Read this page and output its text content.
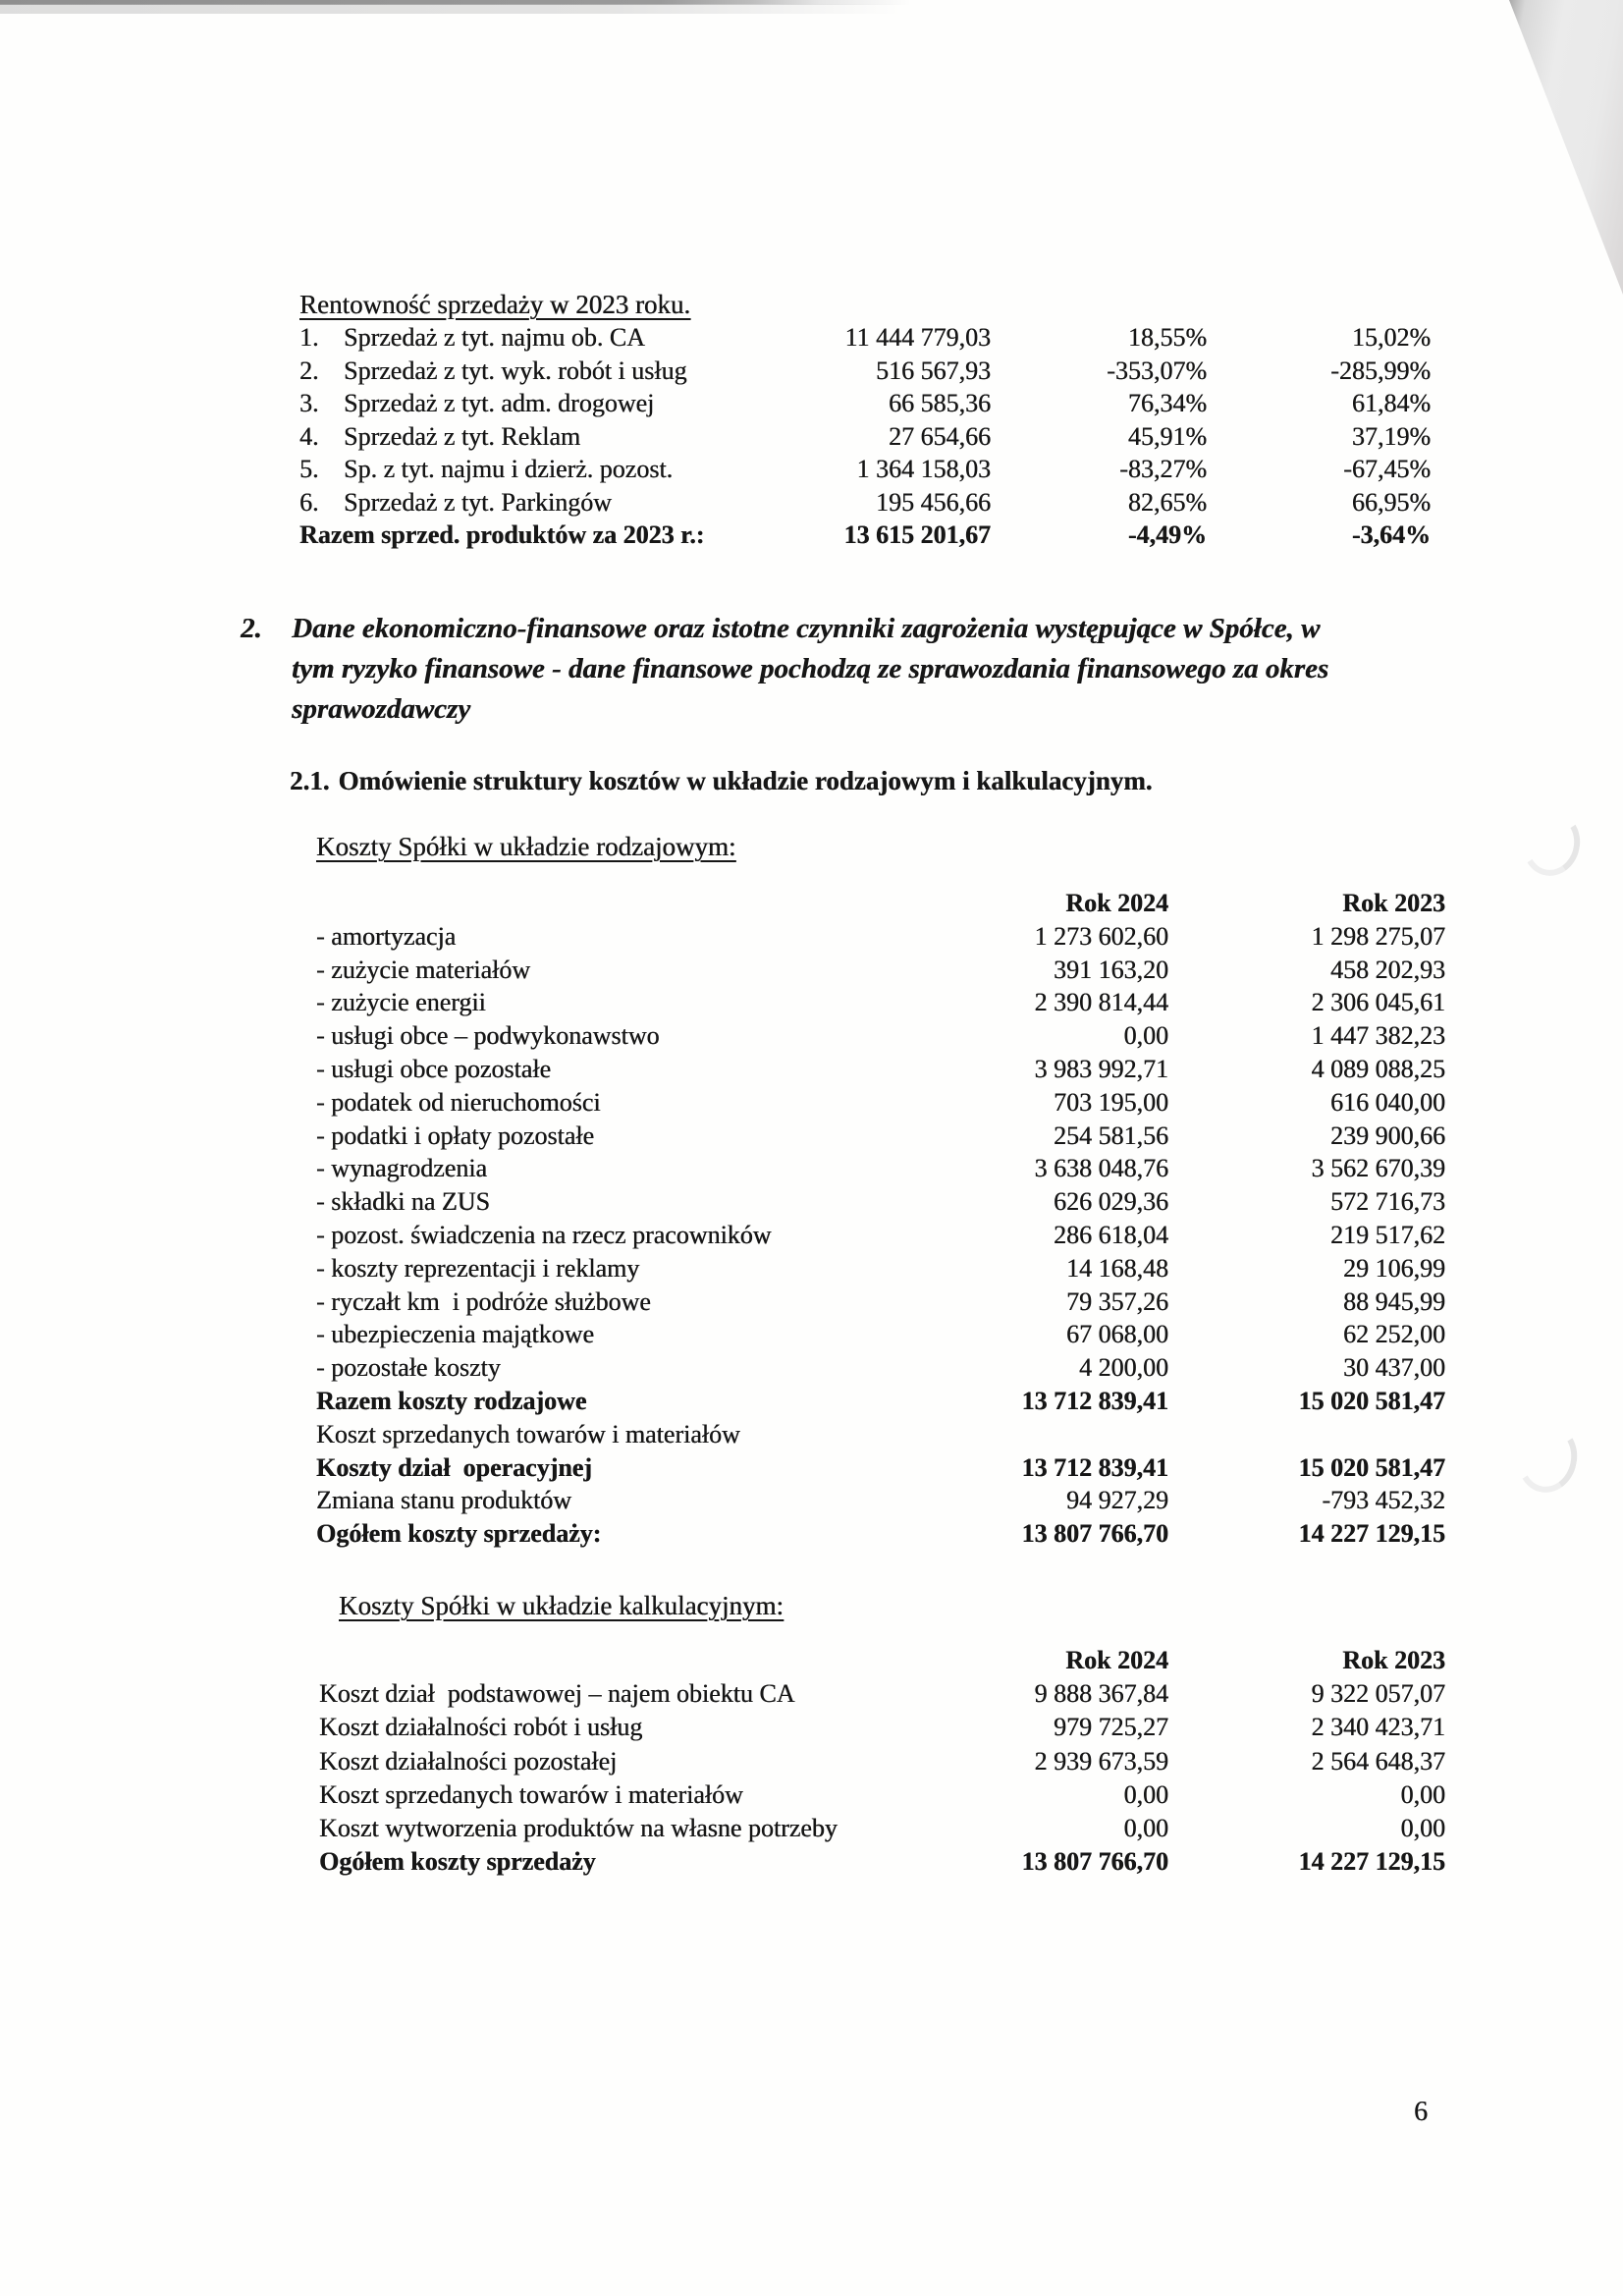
Rentowność sprzedaży w 2023 roku.
1. Sprzedaż z tyt. najmu ob. CA	11 444 779,03	18,55%	15,02%
2. Sprzedaż z tyt. wyk. robót i usług	516 567,93	-353,07%	-285,99%
3. Sprzedaż z tyt. adm. drogowej	66 585,36	76,34%	61,84%
4. Sprzedaż z tyt. Reklam	27 654,66	45,91%	37,19%
5. Sp. z tyt. najmu i dzierż. pozost.	1 364 158,03	-83,27%	-67,45%
6. Sprzedaż z tyt. Parkingów	195 456,66	82,65%	66,95%
Razem sprzed. produktów za 2023 r.:	13 615 201,67	-4,49%	-3,64%
2.	Dane ekonomiczno-finansowe oraz istotne czynniki zagrożenia występujące w Spółce, w
tym ryzyko finansowe - dane finansowe pochodzą ze sprawozdania finansowego za okres
sprawozdawczy
2.1. Omówienie struktury kosztów w układzie rodzajowym i kalkulacyjnym.
Koszty Spółki w układzie rodzajowym:
Rok 2024	Rok 2023
- amortyzacja	1 273 602,60	1 298 275,07
- zużycie materiałów	391 163,20	458 202,93
- zużycie energii	2 390 814,44	2 306 045,61
- usługi obce – podwykonawstwo	0,00	1 447 382,23
- usługi obce pozostałe	3 983 992,71	4 089 088,25
- podatek od nieruchomości	703 195,00	616 040,00
- podatki i opłaty pozostałe	254 581,56	239 900,66
- wynagrodzenia	3 638 048,76	3 562 670,39
- składki na ZUS	626 029,36	572 716,73
- pozost. świadczenia na rzecz pracowników	286 618,04	219 517,62
- koszty reprezentacji i reklamy	14 168,48	29 106,99
- ryczałt km  i podróże służbowe	79 357,26	88 945,99
- ubezpieczenia majątkowe	67 068,00	62 252,00
- pozostałe koszty	4 200,00	30 437,00
Razem koszty rodzajowe	13 712 839,41	15 020 581,47
Koszt sprzedanych towarów i materiałów
Koszty dział  operacyjnej	13 712 839,41	15 020 581,47
Zmiana stanu produktów	94 927,29	-793 452,32
Ogółem koszty sprzedaży:	13 807 766,70	14 227 129,15
Koszty Spółki w układzie kalkulacyjnym:
Rok 2024	Rok 2023
Koszt dział  podstawowej – najem obiektu CA	9 888 367,84	9 322 057,07
Koszt działalności robót i usług	979 725,27	2 340 423,71
Koszt działalności pozostałej	2 939 673,59	2 564 648,37
Koszt sprzedanych towarów i materiałów	0,00	0,00
Koszt wytworzenia produktów na własne potrzeby	0,00	0,00
Ogółem koszty sprzedaży	13 807 766,70	14 227 129,15
6
